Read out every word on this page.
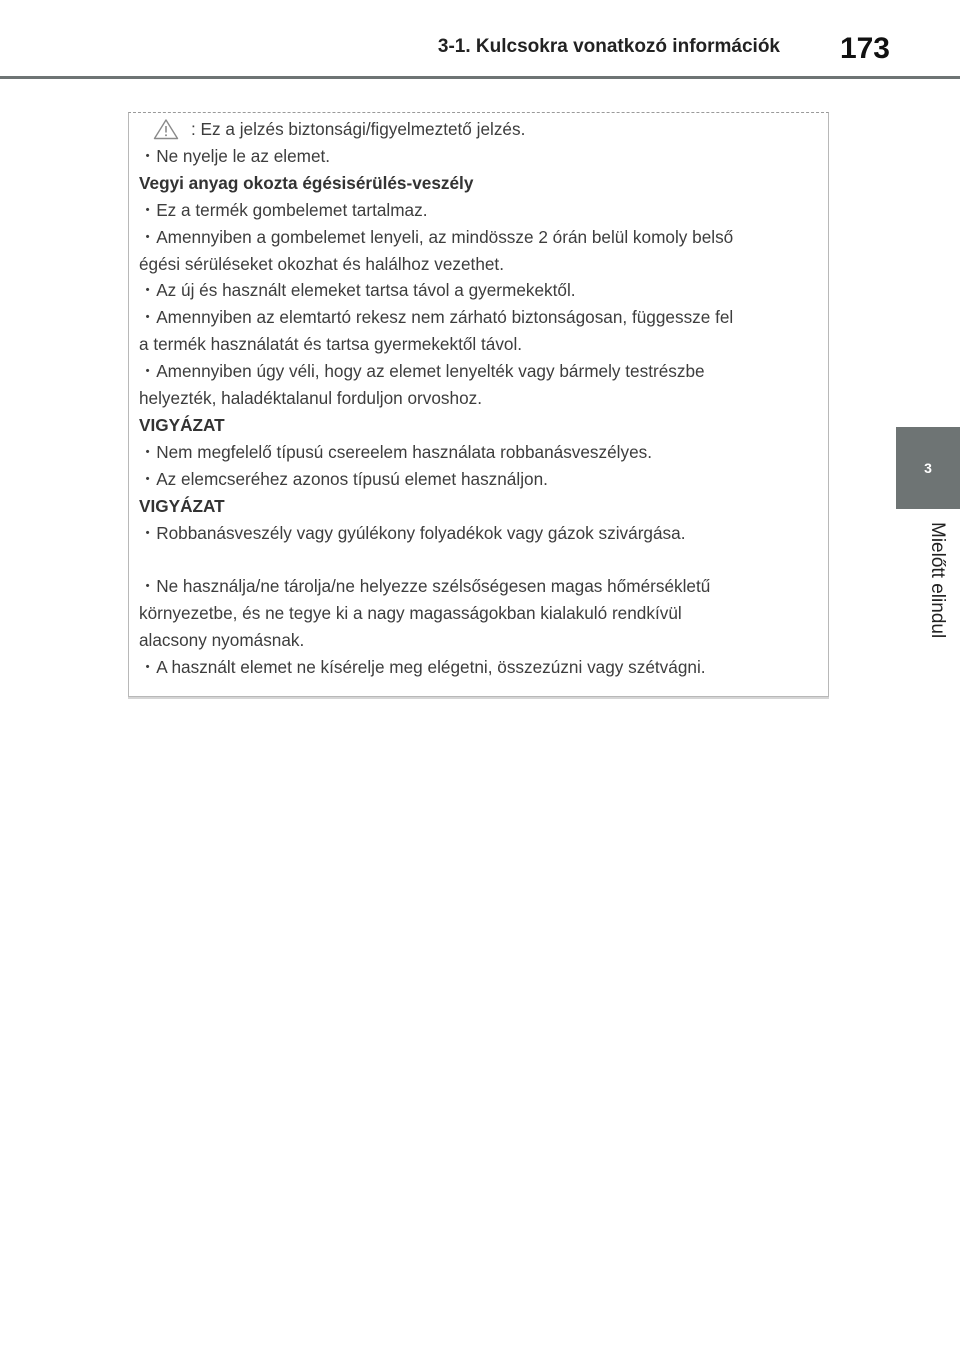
3-1. Kulcsokra vonatkozó információk	173
3
Mielőtt elindul
: Ez a jelzés biztonsági/figyelmeztető jelzés.
・Ne nyelje le az elemet.
Vegyi anyag okozta égésisérülés-veszély
・Ez a termék gombelemet tartalmaz.
・Amennyiben a gombelemet lenyeli, az mindössze 2 órán belül komoly belső
égési sérüléseket okozhat és halálhoz vezethet.
・Az új és használt elemeket tartsa távol a gyermekektől.
・Amennyiben az elemtartó rekesz nem zárható biztonságosan, függessze fel
a termék használatát és tartsa gyermekektől távol.
・Amennyiben úgy véli, hogy az elemet lenyelték vagy bármely testrészbe
helyezték, haladéktalanul forduljon orvoshoz.
VIGYÁZAT
・Nem megfelelő típusú csereelem használata robbanásveszélyes.
・Az elemcseréhez azonos típusú elemet használjon.
VIGYÁZAT
・Robbanásveszély vagy gyúlékony folyadékok vagy gázok szivárgása.
・Ne használja/ne tárolja/ne helyezze szélsőségesen magas hőmérsékletű
környezetbe, és ne tegye ki a nagy magasságokban kialakuló rendkívül
alacsony nyomásnak.
・A használt elemet ne kísérelje meg elégetni, összezúzni vagy szétvágni.
